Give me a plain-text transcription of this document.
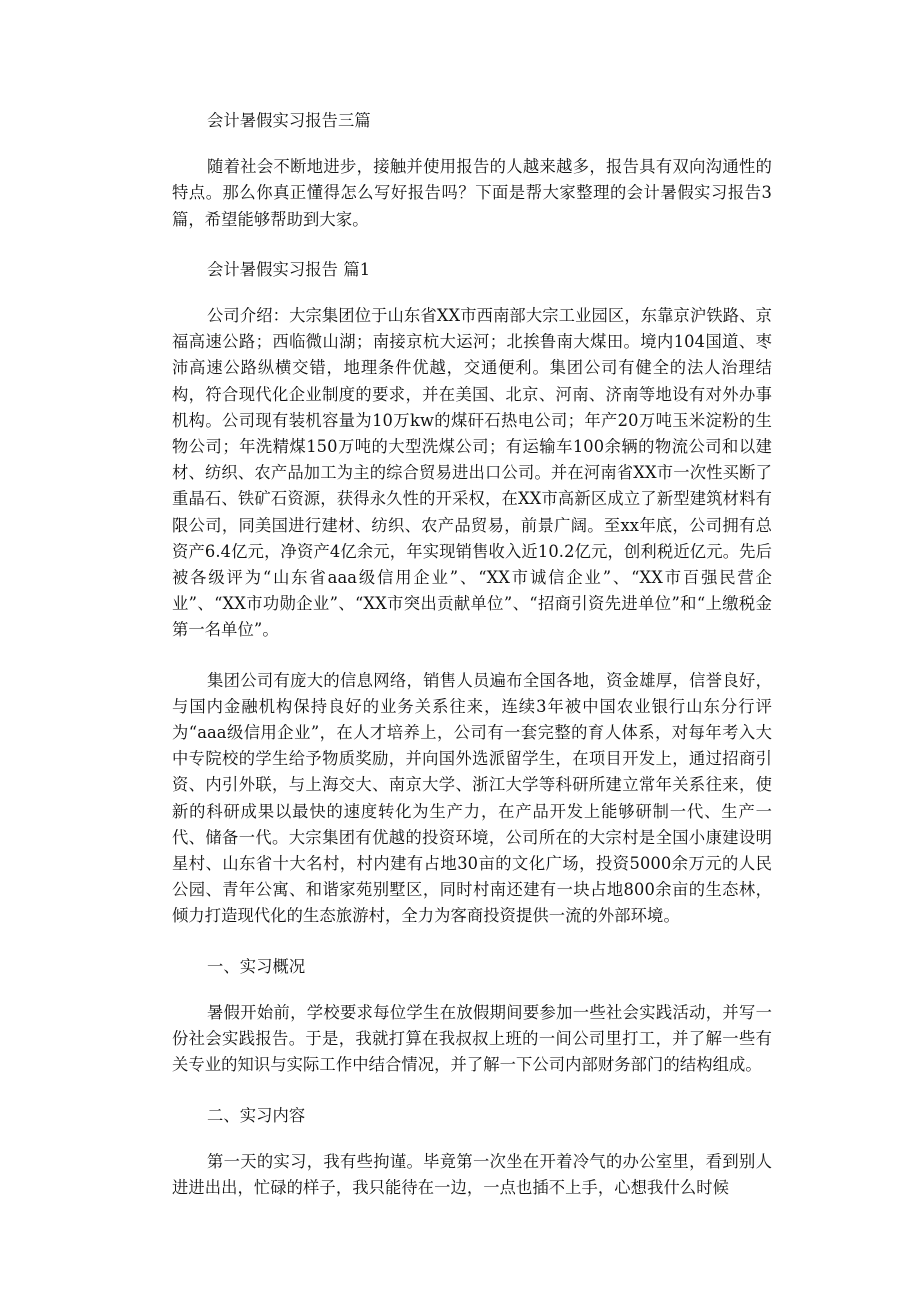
会计暑假实习报告三篇

随着社会不断地进步，接触并使用报告的人越来越多，报告具有双向沟通性的特点。那么你真正懂得怎么写好报告吗？下面是帮大家整理的会计暑假实习报告3篇，希望能够帮助到大家。

会计暑假实习报告 篇1

公司介绍：大宗集团位于山东省XX市西南部大宗工业园区，东靠京沪铁路、京福高速公路；西临微山湖；南接京杭大运河；北挨鲁南大煤田。境内104国道、枣沛高速公路纵横交错，地理条件优越，交通便利。集团公司有健全的法人治理结构，符合现代化企业制度的要求，并在美国、北京、河南、济南等地设有对外办事机构。公司现有装机容量为10万kw的煤矸石热电公司；年产20万吨玉米淀粉的生物公司；年洗精煤150万吨的大型洗煤公司；有运输车100余辆的物流公司和以建材、纺织、农产品加工为主的综合贸易进出口公司。并在河南省XX市一次性买断了重晶石、铁矿石资源，获得永久性的开采权，在XX市高新区成立了新型建筑材料有限公司，同美国进行建材、纺织、农产品贸易，前景广阔。至xx年底，公司拥有总资产6.4亿元，净资产4亿余元，年实现销售收入近10.2亿元，创利税近亿元。先后被各级评为“山东省aaa级信用企业”、“XX市诚信企业”、“XX市百强民营企业”、“XX市功勋企业”、“XX市突出贡献单位”、“招商引资先进单位”和“上缴税金第一名单位”。

集团公司有庞大的信息网络，销售人员遍布全国各地，资金雄厚，信誉良好，与国内金融机构保持良好的业务关系往来，连续3年被中国农业银行山东分行评为“aaa级信用企业”，在人才培养上，公司有一套完整的育人体系，对每年考入大中专院校的学生给予物质奖励，并向国外选派留学生，在项目开发上，通过招商引资、内引外联，与上海交大、南京大学、浙江大学等科研所建立常年关系往来，使新的科研成果以最快的速度转化为生产力，在产品开发上能够研制一代、生产一代、储备一代。大宗集团有优越的投资环境，公司所在的大宗村是全国小康建设明星村、山东省十大名村，村内建有占地30亩的文化广场，投资5000余万元的人民公园、青年公寓、和谐家苑别墅区，同时村南还建有一块占地800余亩的生态林，倾力打造现代化的生态旅游村，全力为客商投资提供一流的外部环境。

一、实习概况

暑假开始前，学校要求每位学生在放假期间要参加一些社会实践活动，并写一份社会实践报告。于是，我就打算在我叔叔上班的一间公司里打工，并了解一些有关专业的知识与实际工作中结合情况，并了解一下公司内部财务部门的结构组成。

二、实习内容

第一天的实习，我有些拘谨。毕竟第一次坐在开着冷气的办公室里，看到别人进进出出，忙碌的样子，我只能待在一边，一点也插不上手，心想我什么时候
